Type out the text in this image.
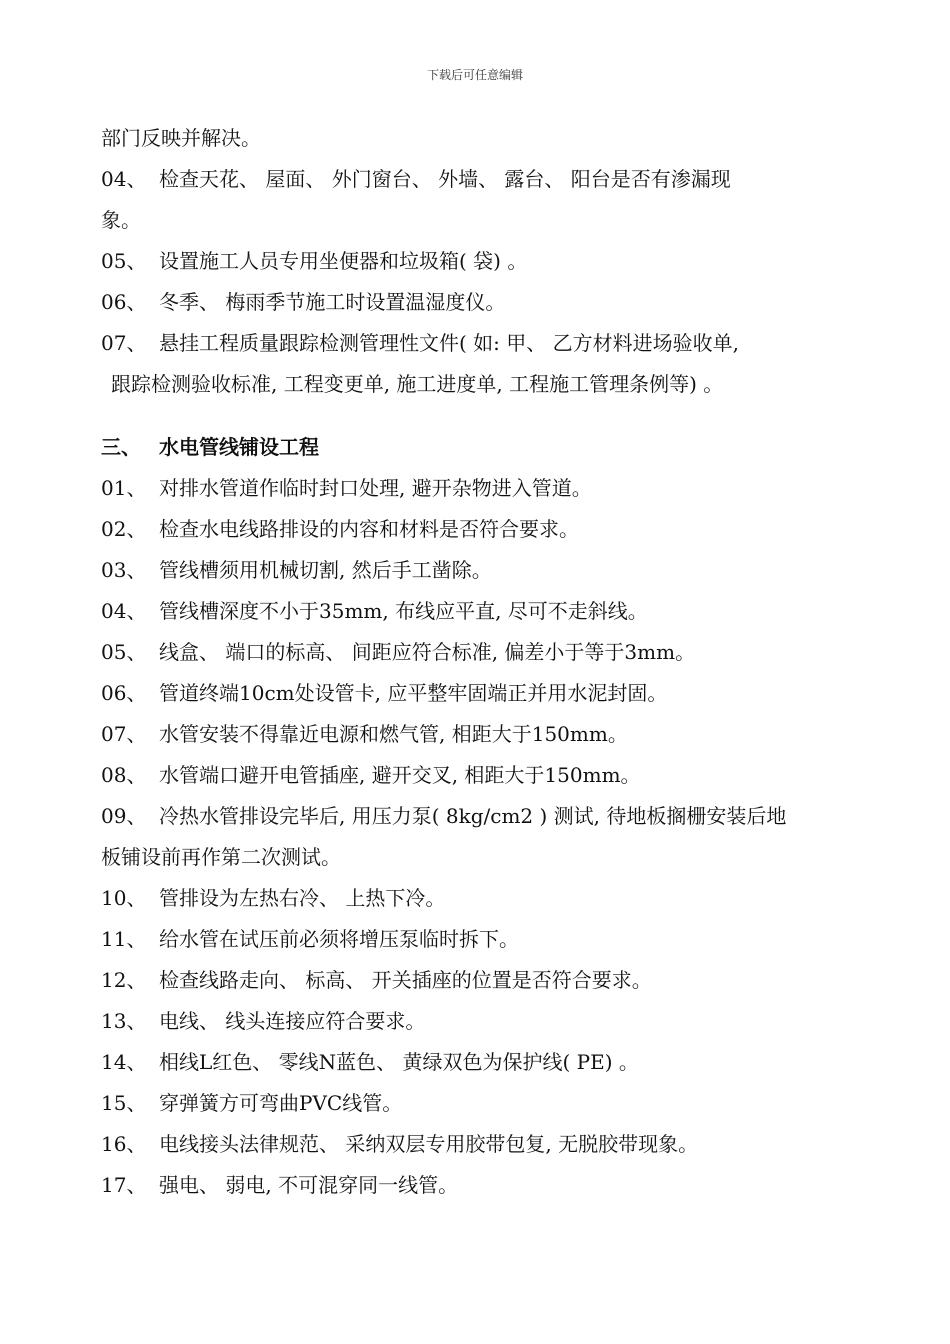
下载后可任意编辑
部门反映并解决。
04、 检查天花、 屋面、 外门窗台、 外墙、 露台、 阳台是否有渗漏现
象。
05、 设置施工人员专用坐便器和垃圾箱( 袋) 。
06、 冬季、 梅雨季节施工时设置温湿度仪。
07、 悬挂工程质量跟踪检测管理性文件( 如: 甲、 乙方材料进场验收单,
跟踪检测验收标准, 工程变更单, 施工进度单, 工程施工管理条例等) 。
三、 水电管线铺设工程
01、 对排水管道作临时封口处理, 避开杂物进入管道。
02、 检查水电线路排设的内容和材料是否符合要求。
03、 管线槽须用机械切割, 然后手工凿除。
04、 管线槽深度不小于35mm, 布线应平直, 尽可不走斜线。
05、 线盒、 端口的标高、 间距应符合标准, 偏差小于等于3mm。
06、 管道终端10cm处设管卡, 应平整牢固端正并用水泥封固。
07、 水管安装不得靠近电源和燃气管, 相距大于150mm。
08、 水管端口避开电管插座, 避开交叉, 相距大于150mm。
09、 冷热水管排设完毕后, 用压力泵( 8kg/cm2 ) 测试, 待地板搁栅安装后地
板铺设前再作第二次测试。
10、 管排设为左热右冷、 上热下冷。
11、 给水管在试压前必须将增压泵临时拆下。
12、 检查线路走向、 标高、 开关插座的位置是否符合要求。
13、 电线、 线头连接应符合要求。
14、 相线L红色、 零线N蓝色、 黄绿双色为保护线( PE) 。
15、 穿弹簧方可弯曲PVC线管。
16、 电线接头法律规范、 采纳双层专用胶带包复, 无脱胶带现象。
17、 强电、 弱电, 不可混穿同一线管。
